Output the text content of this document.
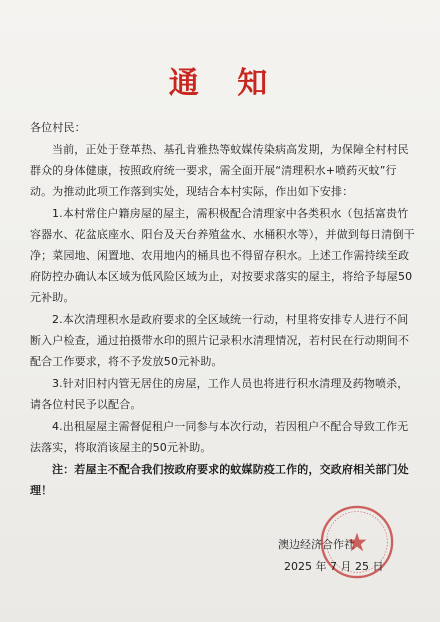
通 知

各位村民：

当前，正处于登革热、基孔肯雅热等蚊媒传染病高发期，为保障全村村民群众的身体健康，按照政府统一要求，需全面开展“清理积水+喷药灭蚊”行动。为推动此项工作落到实处，现结合本村实际，作出如下安排：

1.本村常住户籍房屋的屋主，需积极配合清理家中各类积水（包括富贵竹容器水、花盆底座水、阳台及天台养殖盆水、水桶积水等），并做到每日清倒干净；菜园地、闲置地、农用地内的桶具也不得留存积水。上述工作需持续至政府防控办确认本区域为低风险区域为止，对按要求落实的屋主，将给予每屋50元补助。

2.本次清理积水是政府要求的全区域统一行动，村里将安排专人进行不间断入户检查，通过拍摄带水印的照片记录积水清理情况，若村民在行动期间不配合工作要求，将不予发放50元补助。

3.针对旧村内管无居住的房屋，工作人员也将进行积水清理及药物喷杀，请各位村民予以配合。

4.出租屋屋主需督促租户一同参与本次行动，若因租户不配合导致工作无法落实，将取消该屋主的50元补助。

注：若屋主不配合我们按政府要求的蚊媒防疫工作的，交政府相关部门处理！

澳边经济合作社
2025 年 7 月 25 日
